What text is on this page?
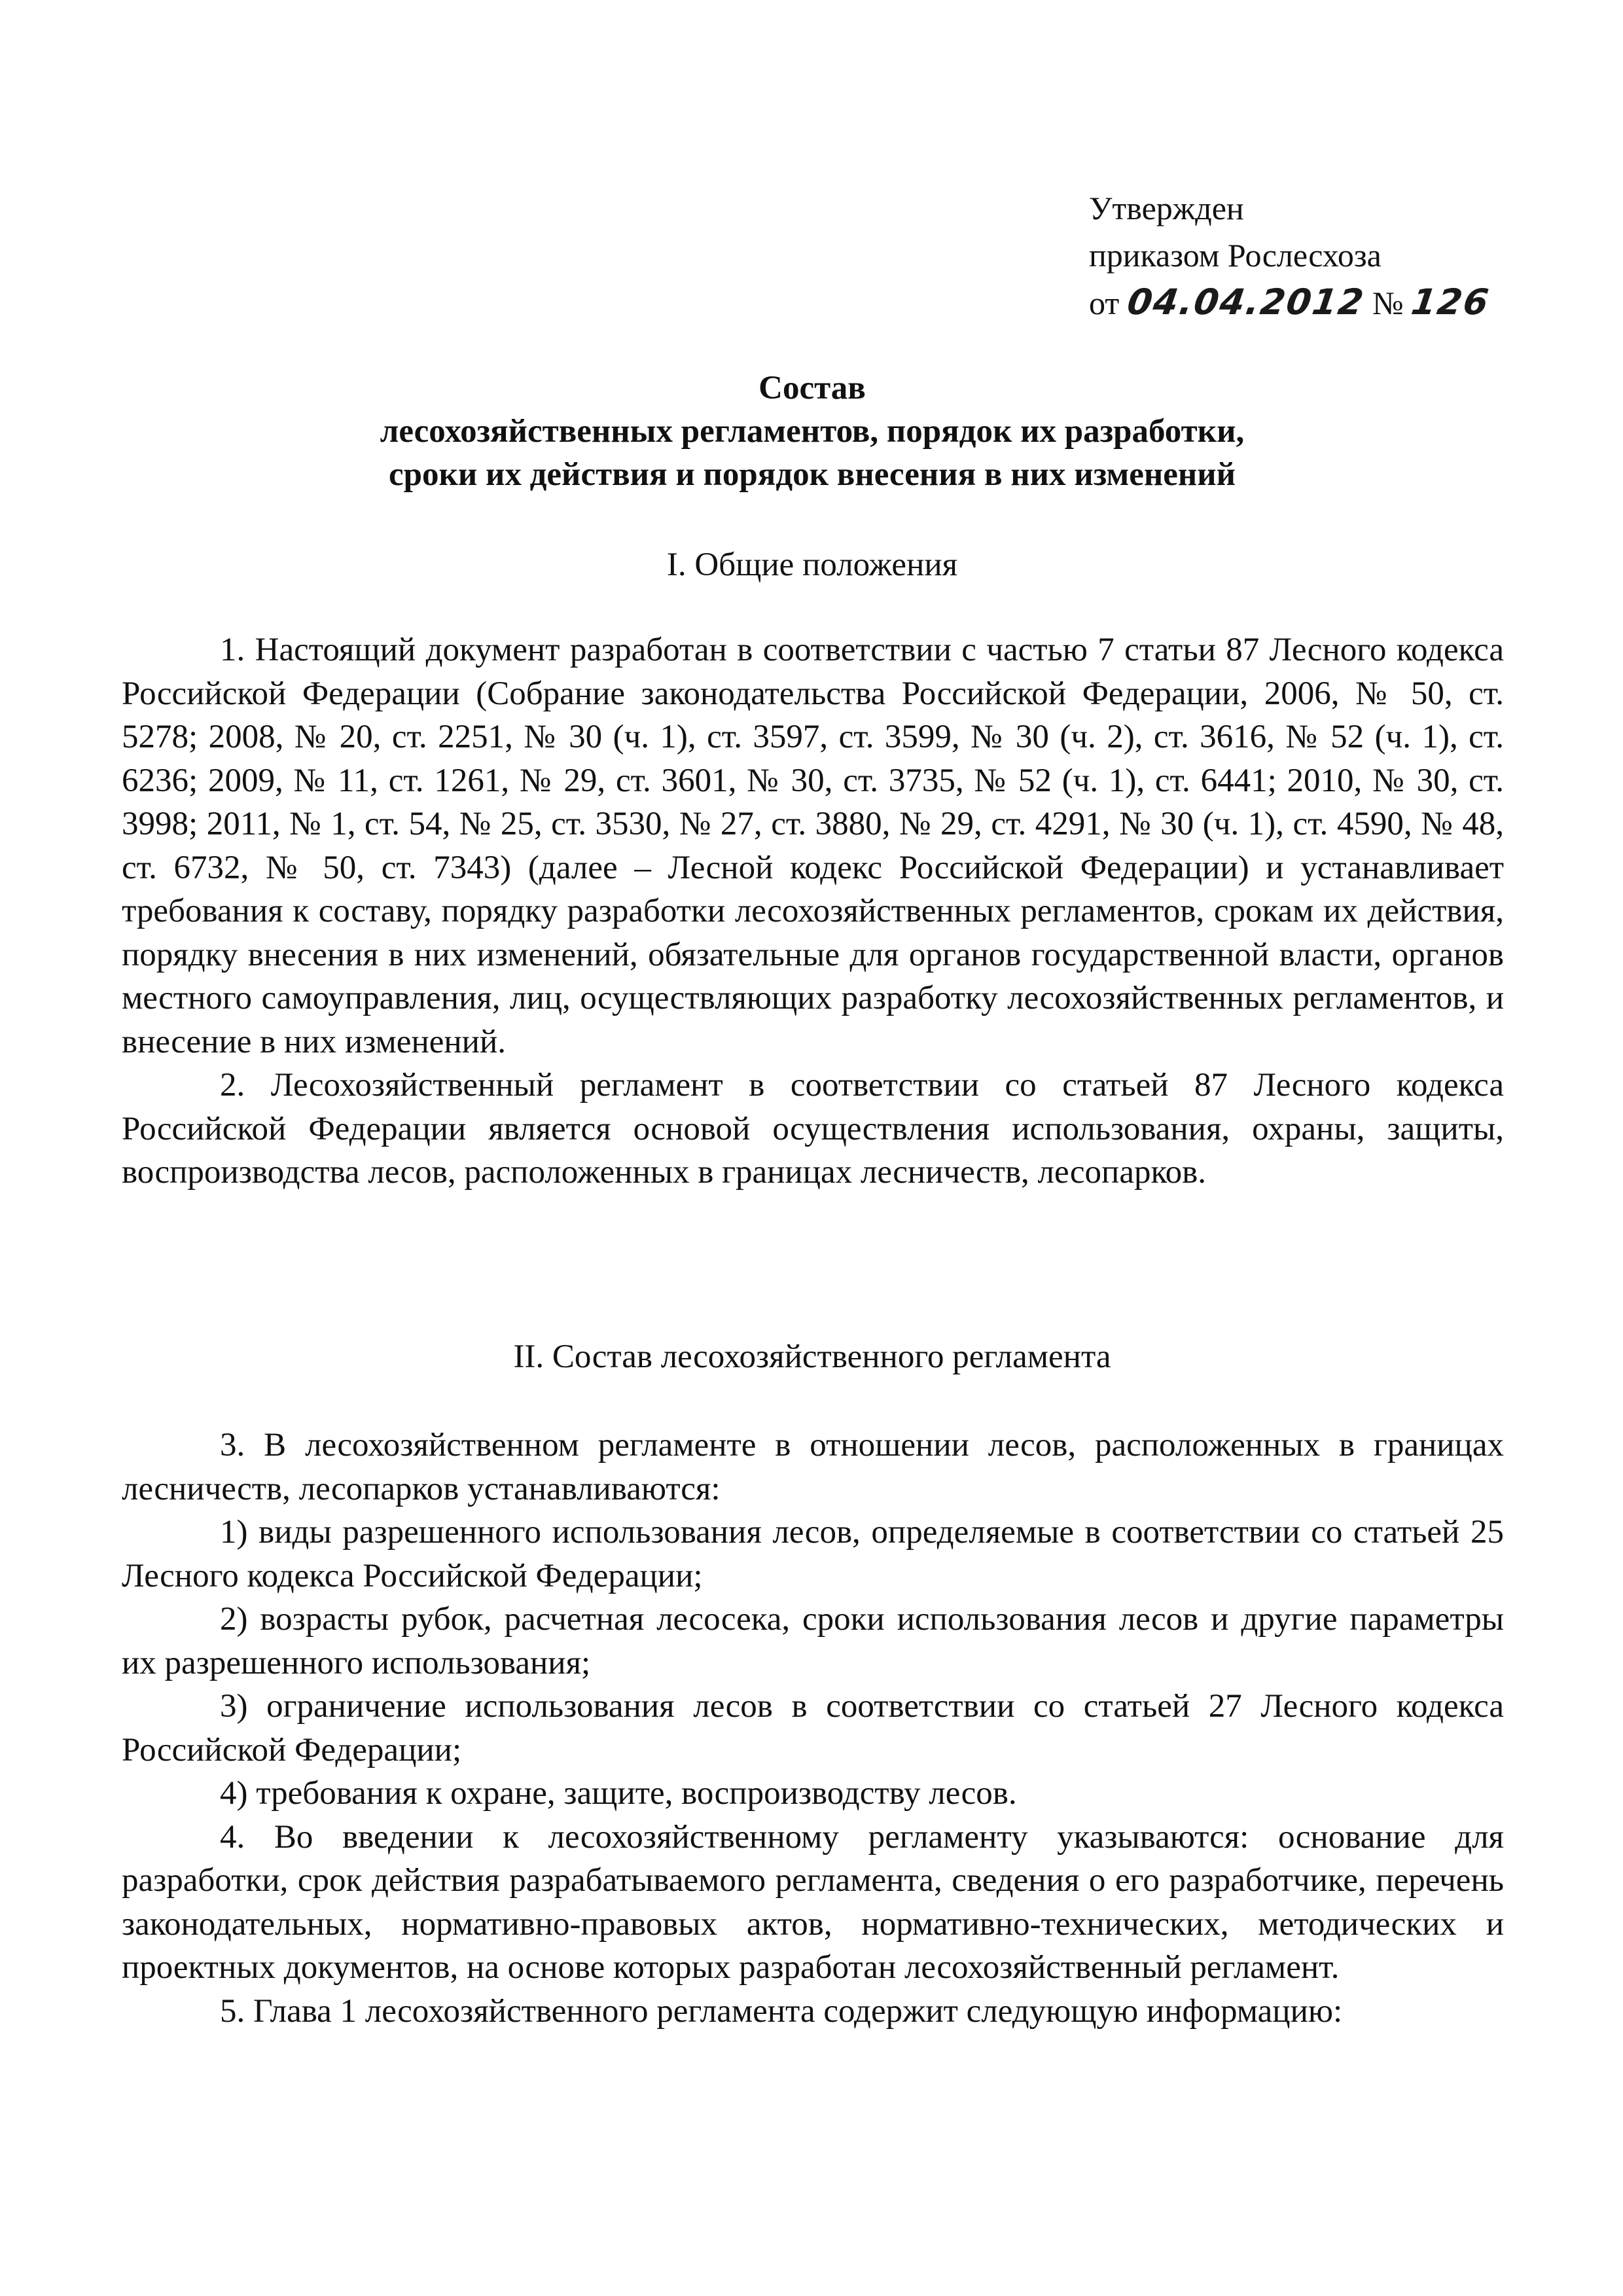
Утвержден
приказом Рослесхоза
от 04.04.2012 № 126
Состав
лесохозяйственных регламентов, порядок их разработки,
сроки их действия и порядок внесения в них изменений
I. Общие положения

1. Настоящий документ разработан в соответствии с частью 7 статьи 87 Лесного кодекса Российской Федерации (Собрание законодательства Российской Федерации, 2006, № 50, ст. 5278; 2008, № 20, ст. 2251, № 30 (ч. 1), ст. 3597, ст. 3599, № 30 (ч. 2), ст. 3616, № 52 (ч. 1), ст. 6236; 2009, № 11, ст. 1261, № 29, ст. 3601, № 30, ст. 3735, № 52 (ч. 1), ст. 6441; 2010, № 30, ст. 3998; 2011, № 1, ст. 54, № 25, ст. 3530, № 27, ст. 3880, № 29, ст. 4291, № 30 (ч. 1), ст. 4590, № 48, ст. 6732, № 50, ст. 7343) (далее – Лесной кодекс Российской Федерации) и устанавливает требования к составу, порядку разработки лесохозяйственных регламентов, срокам их действия, порядку внесения в них изменений, обязательные для органов государственной власти, органов местного самоуправления, лиц, осуществляющих разработку лесохозяйственных регламентов, и внесение в них изменений.

2. Лесохозяйственный регламент в соответствии со статьей 87 Лесного кодекса Российской Федерации является основой осуществления использования, охраны, защиты, воспроизводства лесов, расположенных в границах лесничеств, лесопарков.

II. Состав лесохозяйственного регламента

3. В лесохозяйственном регламенте в отношении лесов, расположенных в границах лесничеств, лесопарков устанавливаются:

1) виды разрешенного использования лесов, определяемые в соответствии со статьей 25 Лесного кодекса Российской Федерации;

2) возрасты рубок, расчетная лесосека, сроки использования лесов и другие параметры их разрешенного использования;

3) ограничение использования лесов в соответствии со статьей 27 Лесного кодекса Российской Федерации;

4) требования к охране, защите, воспроизводству лесов.

4. Во введении к лесохозяйственному регламенту указываются: основание для разработки, срок действия разрабатываемого регламента, сведения о его разработчике, перечень законодательных, нормативно-правовых актов, нормативно-технических, методических и проектных документов, на основе которых разработан лесохозяйственный регламент.

5. Глава 1 лесохозяйственного регламента содержит следующую информацию:
